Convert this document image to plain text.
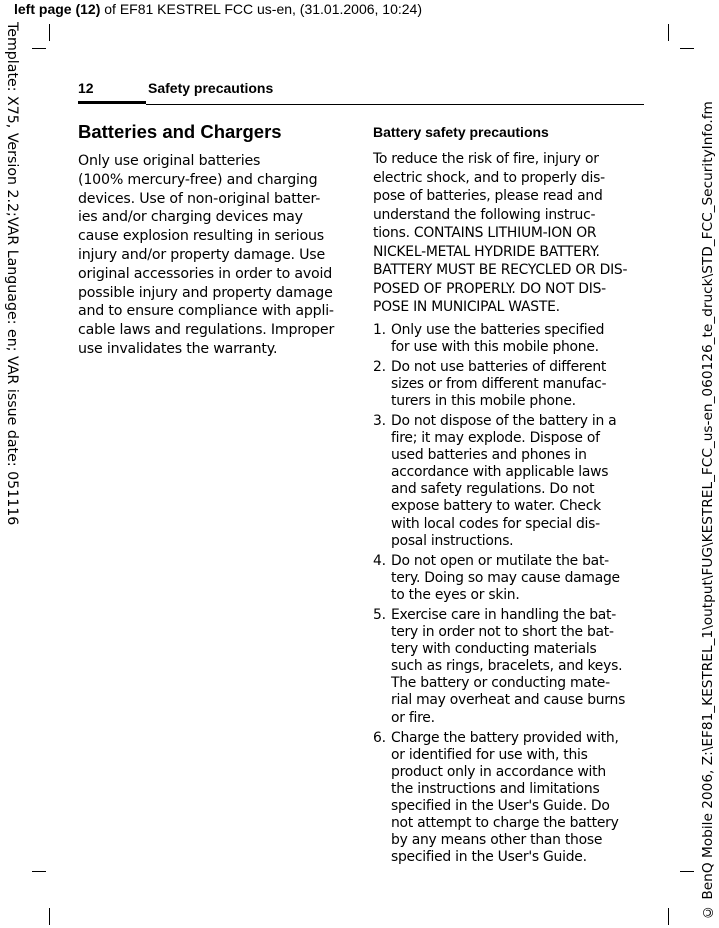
left page (12) of EF81 KESTREL FCC us-en, (31.01.2006, 10:24)
Template: X75, Version 2.2;VAR Language: en; VAR issue date: 051116	© BenQ Mobile 2006, Z:\EF81_KESTREL_1\output\FUG\KESTREL_FCC_us-en_060126_te_druck\STD_FCC_SecurityInfo.fm
12	Safety precautions
Batteries and Chargers

Only use original batteries
(100% mercury-free) and charging
devices. Use of non-original batter-
ies and/or charging devices may
cause explosion resulting in serious
injury and/or property damage. Use
original accessories in order to avoid
possible injury and property damage
and to ensure compliance with appli-
cable laws and regulations. Improper
use invalidates the warranty.

Battery safety precautions

To reduce the risk of fire, injury or
electric shock, and to properly dis-
pose of batteries, please read and
understand the following instruc-
tions. CONTAINS LITHIUM-ION OR
NICKEL-METAL HYDRIDE BATTERY.
BATTERY MUST BE RECYCLED OR DIS-
POSED OF PROPERLY. DO NOT DIS-
POSE IN MUNICIPAL WASTE.

1. Only use the batteries specified
for use with this mobile phone.
2. Do not use batteries of different
sizes or from different manufac-
turers in this mobile phone.
3. Do not dispose of the battery in a
fire; it may explode. Dispose of
used batteries and phones in
accordance with applicable laws
and safety regulations. Do not
expose battery to water. Check
with local codes for special dis-
posal instructions.
4. Do not open or mutilate the bat-
tery. Doing so may cause damage
to the eyes or skin.
5. Exercise care in handling the bat-
tery in order not to short the bat-
tery with conducting materials
such as rings, bracelets, and keys.
The battery or conducting mate-
rial may overheat and cause burns
or fire.
6. Charge the battery provided with,
or identified for use with, this
product only in accordance with
the instructions and limitations
specified in the User's Guide. Do
not attempt to charge the battery
by any means other than those
specified in the User's Guide.
